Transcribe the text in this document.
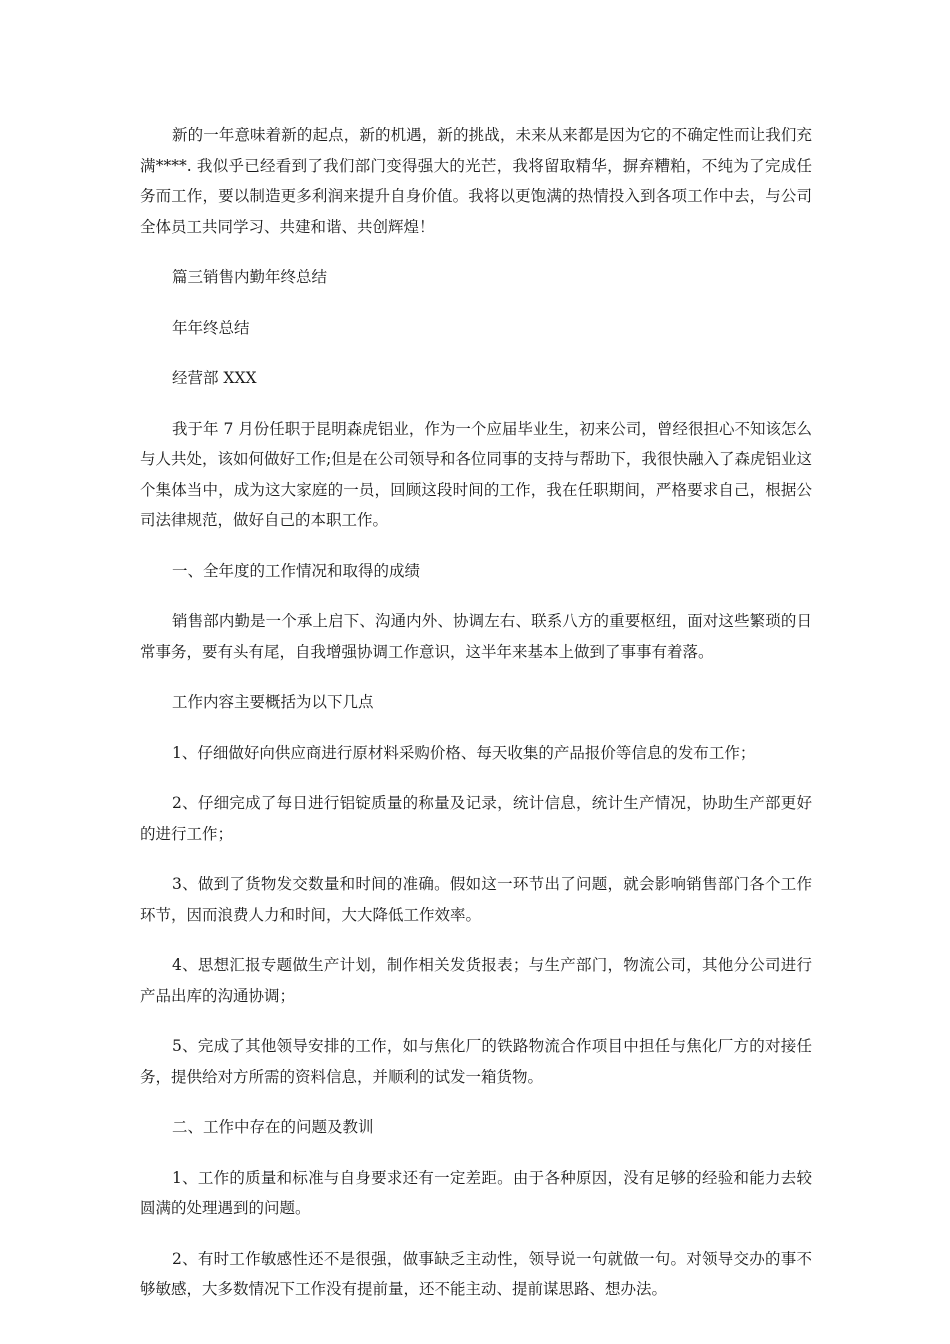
新的一年意味着新的起点，新的机遇，新的挑战，未来从来都是因为它的不确定性而让我们充满****. 我似乎已经看到了我们部门变得强大的光芒，我将留取精华，摒弃糟粕，不纯为了完成任务而工作，要以制造更多利润来提升自身价值。我将以更饱满的热情投入到各项工作中去，与公司全体员工共同学习、共建和谐、共创辉煌！

篇三销售内勤年终总结

年年终总结

经营部 XXX

我于年 7 月份任职于昆明森虎铝业，作为一个应届毕业生，初来公司，曾经很担心不知该怎么与人共处，该如何做好工作;但是在公司领导和各位同事的支持与帮助下，我很快融入了森虎铝业这个集体当中，成为这大家庭的一员，回顾这段时间的工作，我在任职期间，严格要求自己，根据公司法律规范，做好自己的本职工作。

一、全年度的工作情况和取得的成绩

销售部内勤是一个承上启下、沟通内外、协调左右、联系八方的重要枢纽，面对这些繁琐的日常事务，要有头有尾，自我增强协调工作意识，这半年来基本上做到了事事有着落。

工作内容主要概括为以下几点

1、仔细做好向供应商进行原材料采购价格、每天收集的产品报价等信息的发布工作；

2、仔细完成了每日进行铝锭质量的称量及记录，统计信息，统计生产情况，协助生产部更好的进行工作；

3、做到了货物发交数量和时间的准确。假如这一环节出了问题，就会影响销售部门各个工作环节，因而浪费人力和时间，大大降低工作效率。

4、思想汇报专题做生产计划，制作相关发货报表；与生产部门，物流公司，其他分公司进行产品出库的沟通协调；

5、完成了其他领导安排的工作，如与焦化厂的铁路物流合作项目中担任与焦化厂方的对接任务，提供给对方所需的资料信息，并顺利的试发一箱货物。

二、工作中存在的问题及教训

1、工作的质量和标准与自身要求还有一定差距。由于各种原因，没有足够的经验和能力去较圆满的处理遇到的问题。

2、有时工作敏感性还不是很强，做事缺乏主动性，领导说一句就做一句。对领导交办的事不够敏感，大多数情况下工作没有提前量，还不能主动、提前谋思路、想办法。
